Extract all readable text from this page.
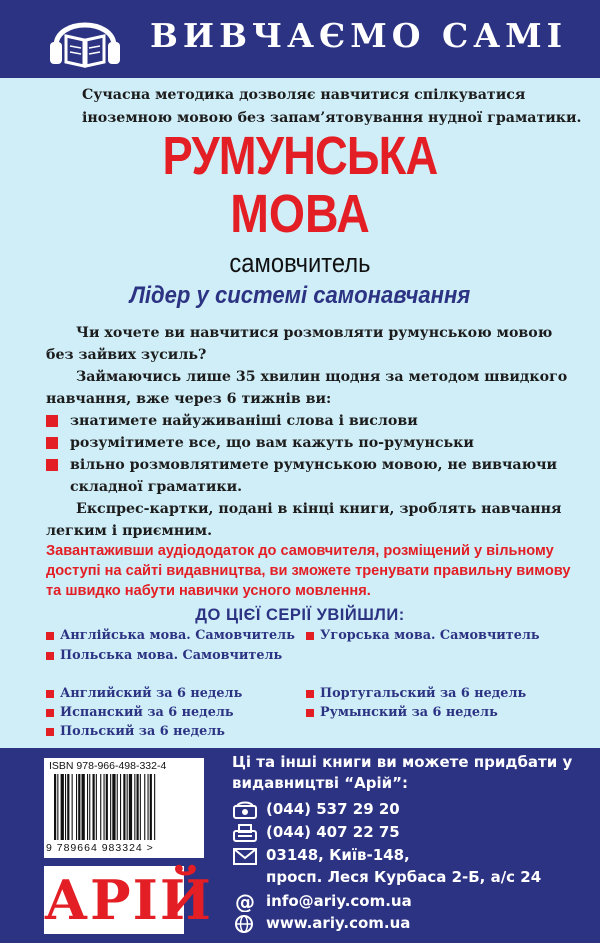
ВИВЧАЄМО САМІ
Сучасна методика дозволяє навчитися спілкуватися іноземною мовою без запам’ятовування нудної граматики.
РУМУНСЬКА
МОВА
самовчитель
Лідер у системі самонавчання
Чи хочете ви навчитися розмовляти румунською мовою без зайвих зусиль?
Займаючись лише 35 хвилин щодня за методом швидкого навчання, вже через 6 тижнів ви:
знатимете найуживаніші слова і вислови
розумітимете все, що вам кажуть по-румунськи
вільно розмовлятимете румунською мовою, не вивчаючи складної граматики.
Експрес-картки, подані в кінці книги, зроблять навчання легким і приємним.
Завантаживши аудіододаток до самовчителя, розміщений у вільному доступі на сайті видавництва, ви зможете тренувати правильну вимову та швидко набути навички усного мовлення.
ДО ЦІЄЇ СЕРІЇ УВІЙШЛИ:
Англійська мова. Самовчитель
Польська мова. Самовчитель
Угорська мова. Самовчитель
Английский за 6 недель
Испанский за 6 недель
Польский за 6 недель
Португальский за 6 недель
Румынский за 6 недель
ISBN 978-966-498-332-4
9 789664 983324 >
АРІЙ
Ці та інші книги ви можете придбати у видавництві “Арій”:
(044) 537 29 20
(044) 407 22 75
03148, Київ-148,
просп. Леся Курбаса 2-Б, а/с 24
@ info@ariy.com.ua
www.ariy.com.ua
